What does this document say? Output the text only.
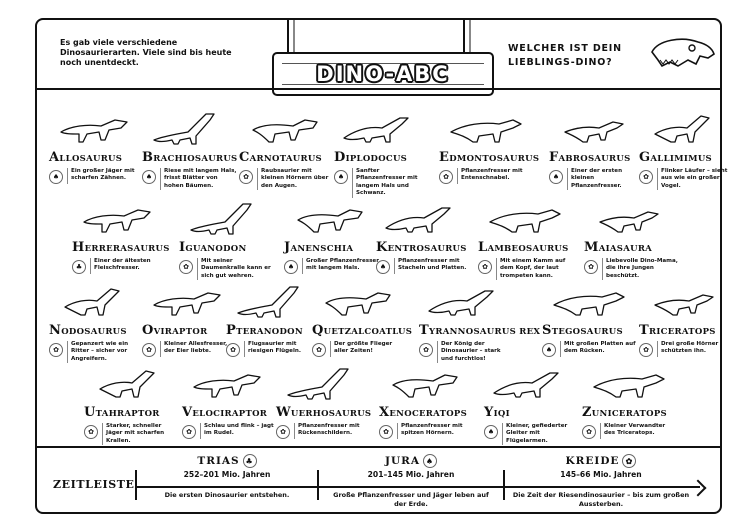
Es gab viele verschiedene Dinosaurierarten. Viele sind bis heute noch unentdeckt.	DINO-ABC
WELCHER IST DEIN LIEBLINGS-DINO?
ALLOSAURUS
♠
Ein großer Jäger mit scharfen Zähnen.
BRACHIOSAURUS
♠
Riese mit langem Hals, frisst Blätter von hohen Bäumen.
CARNOTAURUS
✿
Raubsaurier mit kleinen Hörnern über den Augen.
DIPLODOCUS
♠
Sanfter Pflanzenfresser mit langem Hals und Schwanz.
EDMONTOSAURUS
✿
Pflanzenfresser mit Entenschnabel.
FABROSAURUS
♠
Einer der ersten kleinen Pflanzenfresser.
GALLIMIMUS
✿
Flinker Läufer – sieht aus wie ein großer Vogel.
HERRERASAURUS
♣
Einer der ältesten Fleischfresser.
IGUANODON
✿
Mit seiner Daumenkralle kann er sich gut wehren.
JANENSCHIA
♠
Großer Pflanzenfresser mit langem Hals.
KENTROSAURUS
♠
Pflanzenfresser mit Stacheln und Platten.
LAMBEOSAURUS
✿
Mit einem Kamm auf dem Kopf, der laut trompeten kann.
MAIASAURA
✿
Liebevolle Dino-Mama, die ihre Jungen beschützt.
NODOSAURUS
✿
Gepanzert wie ein Ritter – sicher vor Angreifern.
OVIRAPTOR
✿
Kleiner Allesfresser, der Eier liebte.
PTERANODON
✿
Flugsaurier mit riesigen Flügeln.
QUETZALCOATLUS
✿
Der größte Flieger aller Zeiten!
TYRANNOSAURUS REX
✿
Der König der Dinosaurier – stark und furchtlos!
STEGOSAURUS
♠
Mit großen Platten auf dem Rücken.
TRICERATOPS
✿
Drei große Hörner schützten ihn.
UTAHRAPTOR
✿
Starker, schneller Jäger mit scharfen Krallen.
VELOCIRAPTOR
✿
Schlau und flink – jagt im Rudel.
WUERHOSAURUS
✿
Pflanzenfresser mit Rückenschildern.
XENOCERATOPS
✿
Pflanzenfresser mit spitzen Hörnern.
YIQI
♠
Kleiner, gefiederter Gleiter mit Flügelarmen.
ZUNICERATOPS
✿
Kleiner Verwandter des Triceratops.
ZEITLEISTE
TRIAS ♣
252–201 Mio. Jahren
Die ersten Dinosaurier entstehen.
JURA ♠
201–145 Mio. Jahren
Große Pflanzenfresser und Jäger leben auf der Erde.
KREIDE ✿
145–66 Mio. Jahren
Die Zeit der Riesendinosaurier – bis zum großen Aussterben.
